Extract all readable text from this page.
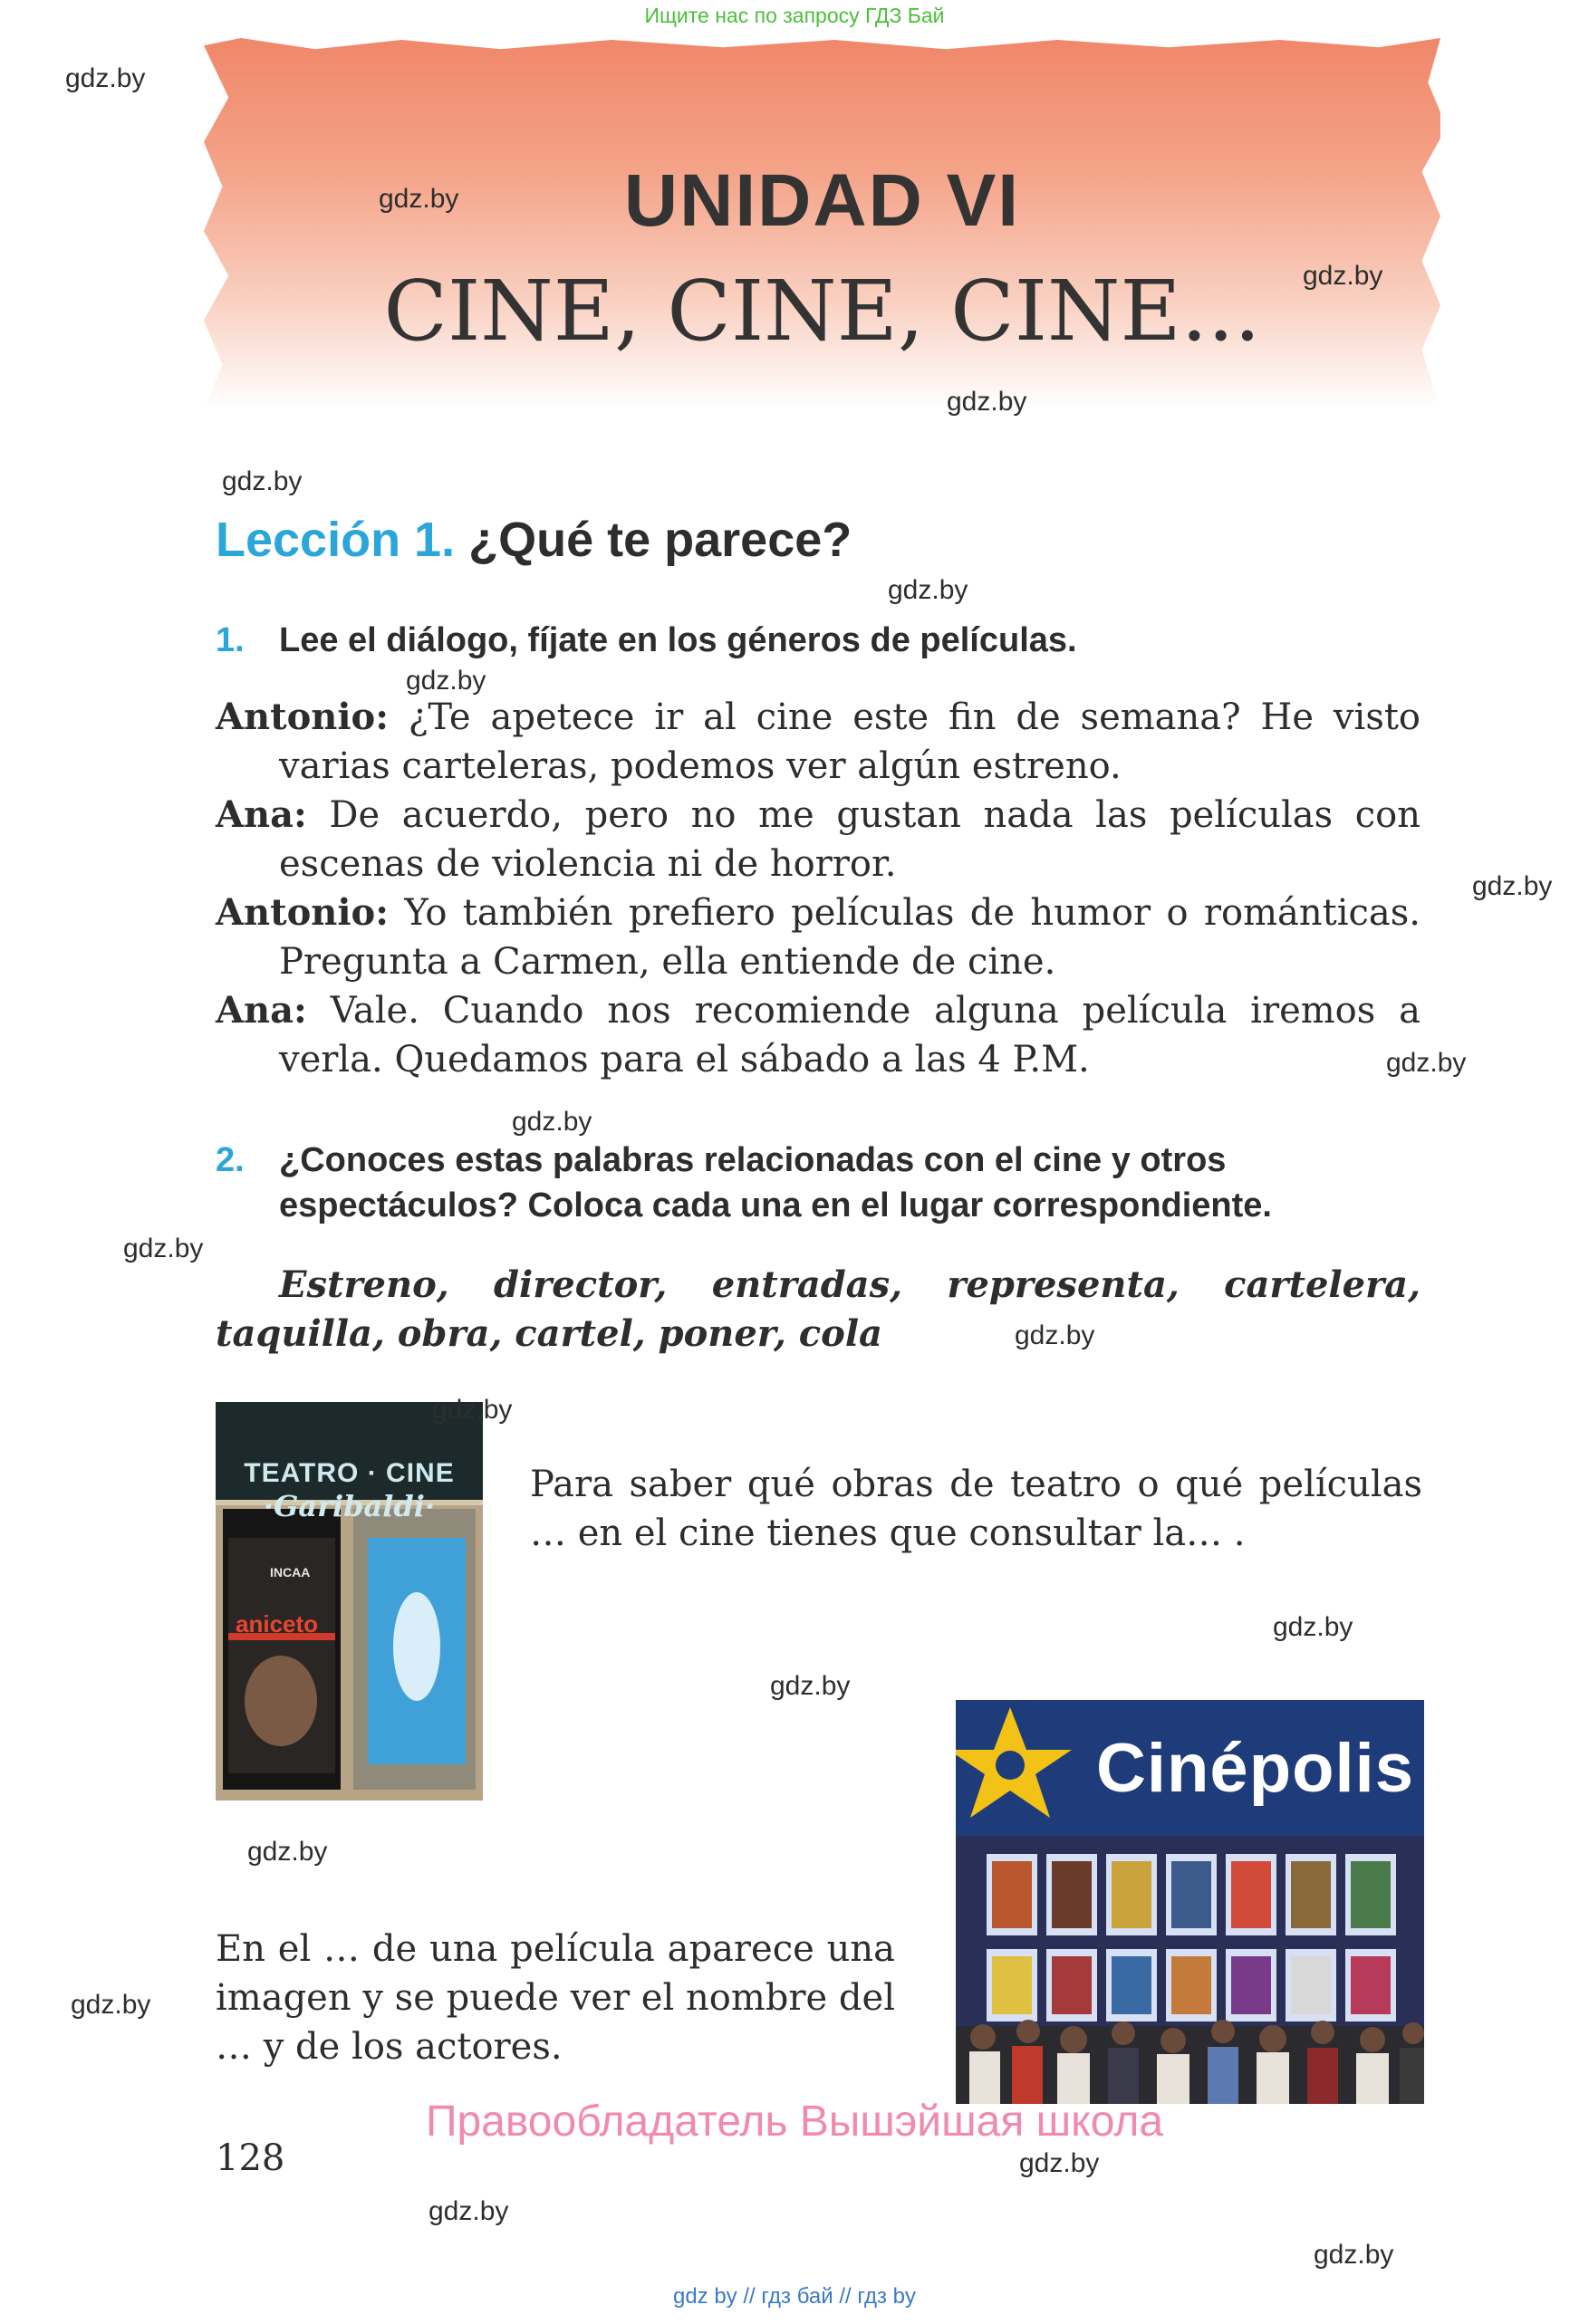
Ищите нас по запросу ГДЗ Бай
UNIDAD VI
CINE, CINE, CINE...
Lección 1. ¿Qué te parece?
1. Lee el diálogo, fíjate en los géneros de películas.

Antonio: ¿Te apetece ir al cine este fin de semana? He visto varias carteleras, podemos ver algún estreno.

Ana: De acuerdo, pero no me gustan nada las películas con escenas de violencia ni de horror.

Antonio: Yo también prefiero películas de humor o románticas. Pregunta a Carmen, ella entiende de cine.

Ana: Vale. Cuando nos recomiende alguna película iremos a verla. Quedamos para el sábado a las 4 P.M.

2. ¿Conoces estas palabras relacionadas con el cine y otros espectáculos? Coloca cada una en el lugar correspondiente.
Estreno, director, entradas, representa, cartelera, taquilla, obra, cartel, poner, cola
TEATRO · CINE
·Garibaldi·
INCAA
aniceto
Para saber qué obras de teatro o qué películas … en el cine tienes que consultar la… .
Cinépolis
En el … de una película aparece una imagen y se puede ver el nombre del … y de los actores.
gdz.by
gdz.by
gdz.by
gdz.by
gdz.by
gdz.by
gdz.by
gdz.by
gdz.by
gdz.by
gdz.by
gdz.by
gdz.by
gdz.by
gdz.by
gdz.by
gdz.by
gdz.by
gdz.by
gdz.by
Правообладатель Вышэйшая школа
128
gdz by // гдз бай // гдз by
